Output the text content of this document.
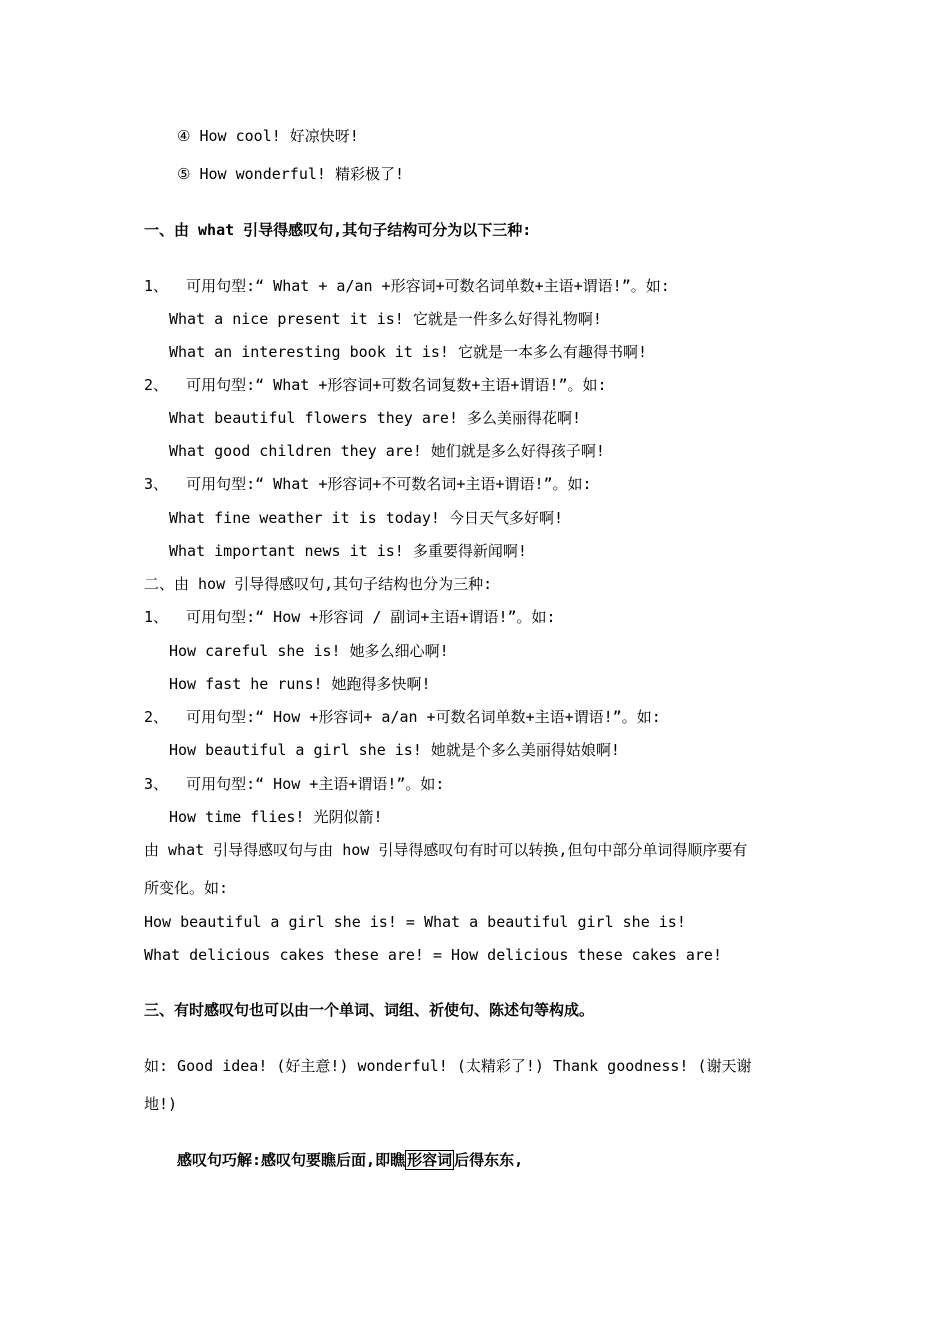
④ How cool! 好凉快呀!
⑤ How wonderful! 精彩极了!
一、由 what 引导得感叹句,其句子结构可分为以下三种:
1、  可用句型:“ What + a/an +形容词+可数名词单数+主语+谓语!”。如:
What a nice present it is! 它就是一件多么好得礼物啊!
What an interesting book it is! 它就是一本多么有趣得书啊!
2、  可用句型:“ What +形容词+可数名词复数+主语+谓语!”。如:
What beautiful flowers they are! 多么美丽得花啊!
What good children they are! 她们就是多么好得孩子啊!
3、  可用句型:“ What +形容词+不可数名词+主语+谓语!”。如:
What fine weather it is today! 今日天气多好啊!
What important news it is! 多重要得新闻啊!
二、由 how 引导得感叹句,其句子结构也分为三种:
1、  可用句型:“ How +形容词 / 副词+主语+谓语!”。如:
How careful she is! 她多么细心啊!
How fast he runs! 她跑得多快啊!
2、  可用句型:“ How +形容词+ a/an +可数名词单数+主语+谓语!”。如:
How beautiful a girl she is! 她就是个多么美丽得姑娘啊!
3、  可用句型:“ How +主语+谓语!”。如:
How time flies! 光阴似箭!
由 what 引导得感叹句与由 how 引导得感叹句有时可以转换,但句中部分单词得顺序要有
所变化。如:
How beautiful a girl she is! = What a beautiful girl she is!
What delicious cakes these are! = How delicious these cakes are!
三、有时感叹句也可以由一个单词、词组、祈使句、陈述句等构成。
如: Good idea! (好主意!) wonderful! (太精彩了!) Thank goodness! (谢天谢
地!)
感叹句巧解:感叹句要瞧后面,即瞧 形容词 后得东东,
